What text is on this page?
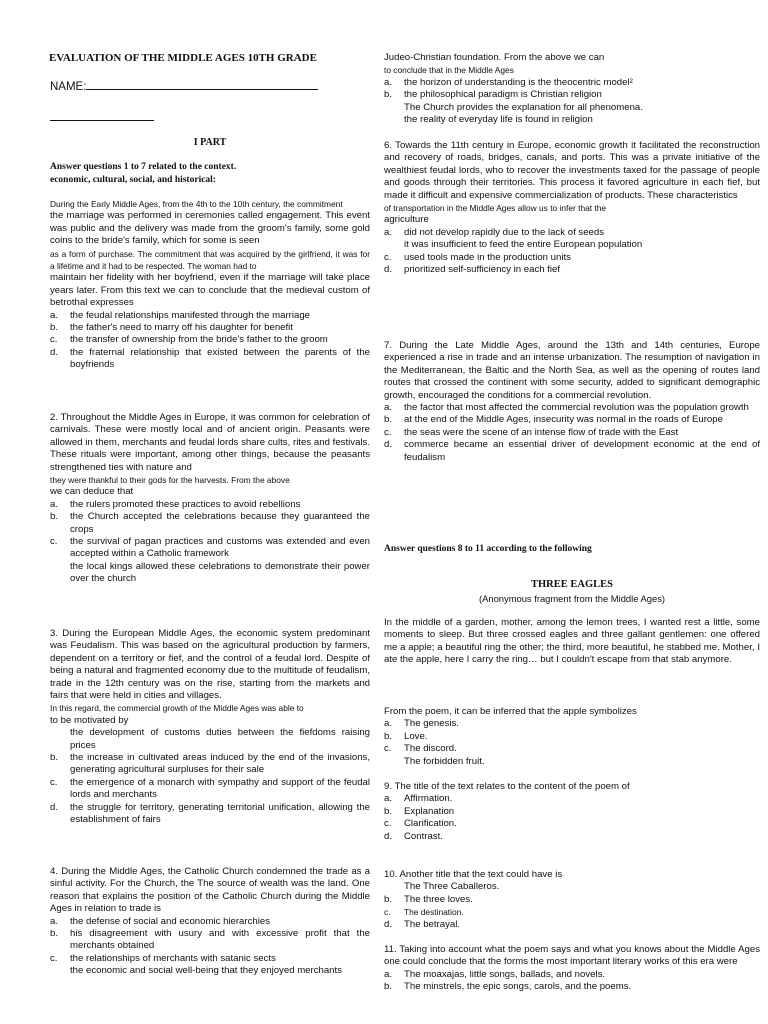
EVALUATION OF THE MIDDLE AGES 10TH GRADE
NAME:
I PART
Answer questions 1 to 7 related to the context.
economic, cultural, social, and historical:

During the Early Middle Ages, from the 4th to the 10th century, the commitment

the marriage was performed in ceremonies called engagement. This event was public and the delivery was made from the groom's family, some gold coins to the bride's family, which for some is seen

as a form of purchase. The commitment that was acquired by the girlfriend, it was for a lifetime and it had to be respected. The woman had to

maintain her fidelity with her boyfriend, even if the marriage will take place years later. From this text we can to conclude that the medieval custom of betrothal expresses

a.	the feudal relationships manifested through the marriage
b.	the father's need to marry off his daughter for benefit
c.	the transfer of ownership from the bride's father to the groom
d.	the fraternal relationship that existed between the parents of the boyfriends

2. Throughout the Middle Ages in Europe, it was common for celebration of carnivals. These were mostly local and of ancient origin. Peasants were allowed in them, merchants and feudal lords share cults, rites and festivals. These rituals were important, among other things, because the peasants strengthened ties with nature and

they were thankful to their gods for the harvests. From the above

we can deduce that

a.	the rulers promoted these practices to avoid rebellions
b.	the Church accepted the celebrations because they guaranteed the crops
c.	the survival of pagan practices and customs was extended and even accepted within a Catholic framework
the local kings allowed these celebrations to demonstrate their power over the church

3. During the European Middle Ages, the economic system predominant was Feudalism. This was based on the agricultural production by farmers, dependent on a territory or fief, and the control of a feudal lord. Despite of being a natural and fragmented economy due to the multitude of feudalism, trade in the 12th century was on the rise, starting from the markets and fairs that were held in cities and villages.

In this regard, the commercial growth of the Middle Ages was able to

to be motivated by

the development of customs duties between the fiefdoms raising prices
b.	the increase in cultivated areas induced by the end of the invasions, generating agricultural surpluses for their sale
c.	the emergence of a monarch with sympathy and support of the feudal lords and merchants
d.	the struggle for territory, generating territorial unification, allowing the establishment of fairs

4. During the Middle Ages, the Catholic Church condemned the trade as a sinful activity. For the Church, the The source of wealth was the land. One reason that explains the position of the Catholic Church during the Middle Ages in relation to trade is

a.	the defense of social and economic hierarchies
b.	his disagreement with usury and with excessive profit that the merchants obtained
c.	the relationships of merchants with satanic sects
the economic and social well-being that they enjoyed merchants

Judeo-Christian foundation. From the above we can

to conclude that in the Middle Ages

a.	the horizon of understanding is the theocentric model²
b.	the philosophical paradigm is Christian religion
The Church provides the explanation for all phenomena.
the reality of everyday life is found in religion

6. Towards the 11th century in Europe, economic growth it facilitated the reconstruction and recovery of roads, bridges, canals, and ports. This was a private initiative of the wealthiest feudal lords, who to recover the investments taxed for the passage of people and goods through their territories. This process it favored agriculture in each fief, but made it difficult and expensive commercialization of products. These characteristics

of transportation in the Middle Ages allow us to infer that the

agriculture

a.	did not develop rapidly due to the lack of seeds
it was insufficient to feed the entire European population
c.	used tools made in the production units
d.	prioritized self-sufficiency in each fief

7. During the Late Middle Ages, around the 13th and 14th centuries, Europe experienced a rise in trade and an intense urbanization. The resumption of navigation in the Mediterranean, the Baltic and the North Sea, as well as the opening of routes land routes that crossed the continent with some security, added to significant demographic growth, encouraged the conditions for a commercial revolution.

a.	the factor that most affected the commercial revolution was the population growth
b.	at the end of the Middle Ages, insecurity was normal in the roads of Europe
c.	the seas were the scene of an intense flow of trade with the East
d.	commerce became an essential driver of development economic at the end of feudalism
Answer questions 8 to 11 according to the following
THREE EAGLES
(Anonymous fragment from the Middle Ages)

In the middle of a garden, mother, among the lemon trees, I wanted rest a little, some moments to sleep. But three crossed eagles and three gallant gentlemen: one offered me a apple; a beautiful ring the other; the third, more beautiful, he stabbed me. Mother, I ate the apple, here I carry the ring… but I couldn't escape from that stab anymore.

From the poem, it can be inferred that the apple symbolizes

a.	The genesis.
b.	Love.
c.	The discord.
The forbidden fruit.

9. The title of the text relates to the content of the poem of

a.	Affirmation.
b.	Explanation
c.	Clarification.
d.	Contrast.

10. Another title that the text could have is

The Three Caballeros.
b.	The three loves.
c.	The destination.
d.	The betrayal.

11. Taking into account what the poem says and what you knows about the Middle Ages one could conclude that the forms the most important literary works of this era were

a.	The moaxajas, little songs, ballads, and novels.
b.	The minstrels, the epic songs, carols, and the poems.
